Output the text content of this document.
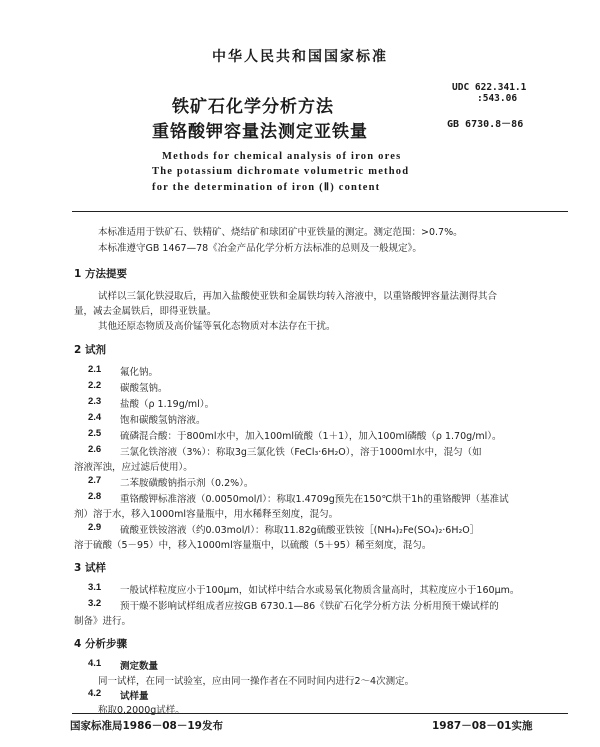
中华人民共和国国家标准
铁矿石化学分析方法
重铬酸钾容量法测定亚铁量
UDC 622.341.1
:543.06
GB 6730.8－86
Methods for chemical analysis of iron ores
The potassium dichromate volumetric method
for the determination of iron (Ⅱ) content
本标准适用于铁矿石、铁精矿、烧结矿和球团矿中亚铁量的测定。测定范围：>0.7%。
本标准遵守GB 1467—78《冶金产品化学分析方法标准的总则及一般规定》。
1 方法提要
试样以三氯化铁浸取后，再加入盐酸使亚铁和金属铁均转入溶液中，以重铬酸钾容量法测得其合
量，减去金属铁后，即得亚铁量。
其他还原态物质及高价锰等氧化态物质对本法存在干扰。
2 试剂
2.1 氟化钠。
2.2 碳酸氢钠。
2.3 盐酸（ρ 1.19g/ml）。
2.4 饱和碳酸氢钠溶液。
2.5 硫磷混合酸：于800ml水中，加入100ml硫酸（1＋1），加入100ml磷酸（ρ 1.70g/ml）。
2.6 三氯化铁溶液（3%）：称取3g三氯化铁（FeCl₃·6H₂O），溶于1000ml水中，混匀（如
溶液浑浊，应过滤后使用）。
2.7 二苯胺磺酸钠指示剂（0.2%）。
2.8 重铬酸钾标准溶液（0.0050mol/l）：称取1.4709g预先在150℃烘干1h的重铬酸钾（基准试
剂）溶于水，移入1000ml容量瓶中，用水稀释至刻度，混匀。
2.9 硫酸亚铁铵溶液（约0.03mol/l）：称取11.82g硫酸亚铁铵［(NH₄)₂Fe(SO₄)₂·6H₂O］
溶于硫酸（5－95）中，移入1000ml容量瓶中，以硫酸（5＋95）稀至刻度，混匀。
3 试样
3.1 一般试样粒度应小于100μm，如试样中结合水或易氧化物质含量高时，其粒度应小于160μm。
3.2 预干燥不影响试样组成者应按GB 6730.1—86《铁矿石化学分析方法 分析用预干燥试样的
制备》进行。
4 分析步骤
4.1 测定数量
同一试样，在同一试验室，应由同一操作者在不同时间内进行2～4次测定。
4.2 试样量
称取0.2000g试样。
国家标准局1986－08－19发布	1987－08－01实施
